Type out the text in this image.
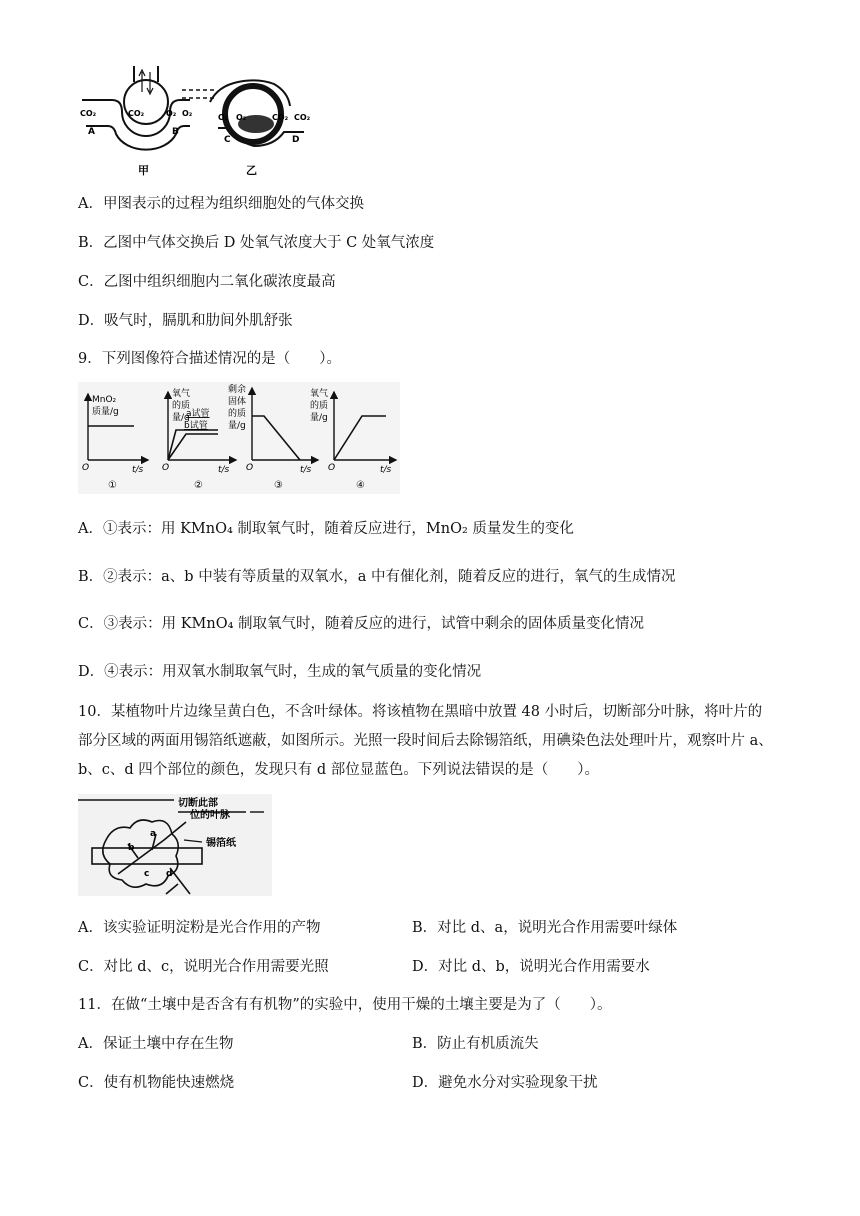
CO₂	CO₂	O₂ O₂
A	B
甲
O₂ O₂	CO₂ CO₂
C	D
乙
A．甲图表示的过程为组织细胞处的气体交换
B．乙图中气体交换后 D 处氧气浓度大于 C 处氧气浓度
C．乙图中组织细胞内二氧化碳浓度最高
D．吸气时，膈肌和肋间外肌舒张
9．下列图像符合描述情况的是（　　）。
MnO₂
质量/g
O	t/s
①
氧气
的质
量/g
a试管
b试管
O	t/s
②
剩余
固体
的质
量/g
O	t/s
③
氧气
的质
量/g
O	t/s
④
A．①表示：用 KMnO₄ 制取氧气时，随着反应进行，MnO₂ 质量发生的变化
B．②表示：a、b 中装有等质量的双氧水，a 中有催化剂，随着反应的进行，氧气的生成情况
C．③表示：用 KMnO₄ 制取氧气时，随着反应的进行，试管中剩余的固体质量变化情况
D．④表示：用双氧水制取氧气时，生成的氧气质量的变化情况
10．某植物叶片边缘呈黄白色，不含叶绿体。将该植物在黑暗中放置 48 小时后，切断部分叶脉，将叶片的
部分区域的两面用锡箔纸遮蔽，如图所示。光照一段时间后去除锡箔纸，用碘染色法处理叶片，观察叶片 a、
b、c、d 四个部位的颜色，发现只有 d 部位显蓝色。下列说法错误的是（　　）。
切断此部
位的叶脉
锡箔纸
a
b
c d
A．该实验证明淀粉是光合作用的产物	B．对比 d、a，说明光合作用需要叶绿体
C．对比 d、c，说明光合作用需要光照	D．对比 d、b，说明光合作用需要水
11．在做“土壤中是否含有有机物”的实验中，使用干燥的土壤主要是为了（　　）。
A．保证土壤中存在生物	B．防止有机质流失
C．使有机物能快速燃烧	D．避免水分对实验现象干扰
